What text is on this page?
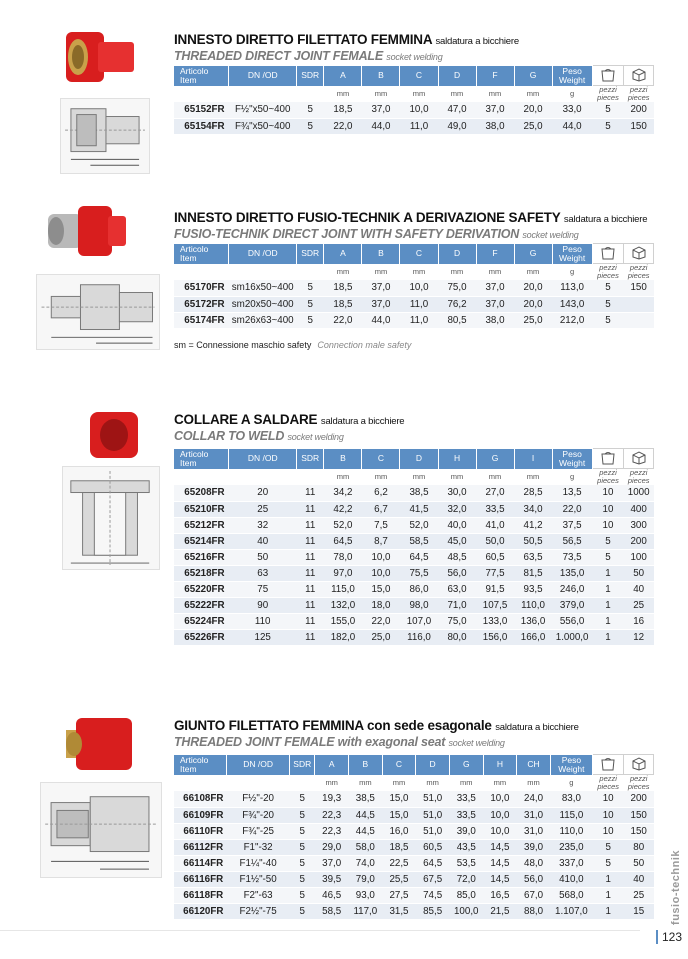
INNESTO DIRETTO FILETTATO FEMMINA saldatura a bicchiere
THREADED DIRECT JOINT FEMALE socket welding
Articolo
Item	DN /OD	SDR	A	B	C	D	F	G	Peso
Weight		
			mm	mm	mm	mm	mm	mm	g	pezzi
pieces	pezzi
pieces
65152FR	F½"x50~400	5	18,5	37,0	10,0	47,0	37,0	20,0	33,0	5	200
65154FR	F¾"x50~400	5	22,0	44,0	11,0	49,0	38,0	25,0	44,0	5	150
INNESTO DIRETTO FUSIO-TECHNIK A DERIVAZIONE SAFETY saldatura a bicchiere
FUSIO-TECHNIK DIRECT JOINT WITH SAFETY DERIVATION socket welding
Articolo
Item	DN /OD	SDR	A	B	C	D	F	G	Peso
Weight		
			mm	mm	mm	mm	mm	mm	g	pezzi
pieces	pezzi
pieces
65170FR	sm16x50~400	5	18,5	37,0	10,0	75,0	37,0	20,0	113,0	5	150
65172FR	sm20x50~400	5	18,5	37,0	11,0	76,2	37,0	20,0	143,0	5	
65174FR	sm26x63~400	5	22,0	44,0	11,0	80,5	38,0	25,0	212,0	5	
sm = Connessione maschio safety Connection male safety
COLLARE A SALDARE saldatura a bicchiere
COLLAR TO WELD socket welding
Articolo
Item	DN /OD	SDR	B	C	D	H	G	I	Peso
Weight		
			mm	mm	mm	mm	mm	mm	g	pezzi
pieces	pezzi
pieces
65208FR	20	11	34,2	6,2	38,5	30,0	27,0	28,5	13,5	10	1000
65210FR	25	11	42,2	6,7	41,5	32,0	33,5	34,0	22,0	10	400
65212FR	32	11	52,0	7,5	52,0	40,0	41,0	41,2	37,5	10	300
65214FR	40	11	64,5	8,7	58,5	45,0	50,0	50,5	56,5	5	200
65216FR	50	11	78,0	10,0	64,5	48,5	60,5	63,5	73,5	5	100
65218FR	63	11	97,0	10,0	75,5	56,0	77,5	81,5	135,0	1	50
65220FR	75	11	115,0	15,0	86,0	63,0	91,5	93,5	246,0	1	40
65222FR	90	11	132,0	18,0	98,0	71,0	107,5	110,0	379,0	1	25
65224FR	110	11	155,0	22,0	107,0	75,0	133,0	136,0	556,0	1	16
65226FR	125	11	182,0	25,0	116,0	80,0	156,0	166,0	1.000,0	1	12
GIUNTO FILETTATO FEMMINA con sede esagonale saldatura a bicchiere
THREADED JOINT FEMALE with exagonal seat socket welding
Articolo
Item	DN /OD	SDR	A	B	C	D	G	H	CH	Peso
Weight		
			mm	mm	mm	mm	mm	mm	mm	g	pezzi
pieces	pezzi
pieces
66108FR	F½"-20	5	19,3	38,5	15,0	51,0	33,5	10,0	24,0	83,0	10	200
66109FR	F¾"-20	5	22,3	44,5	15,0	51,0	33,5	10,0	31,0	115,0	10	150
66110FR	F¾"-25	5	22,3	44,5	16,0	51,0	39,0	10,0	31,0	110,0	10	150
66112FR	F1"-32	5	29,0	58,0	18,5	60,5	43,5	14,5	39,0	235,0	5	80
66114FR	F1¼"-40	5	37,0	74,0	22,5	64,5	53,5	14,5	48,0	337,0	5	50
66116FR	F1½"-50	5	39,5	79,0	25,5	67,5	72,0	14,5	56,0	410,0	1	40
66118FR	F2"-63	5	46,5	93,0	27,5	74,5	85,0	16,5	67,0	568,0	1	25
66120FR	F2½"-75	5	58,5	117,0	31,5	85,5	100,0	21,5	88,0	1.107,0	1	15 fusio-technik
123
